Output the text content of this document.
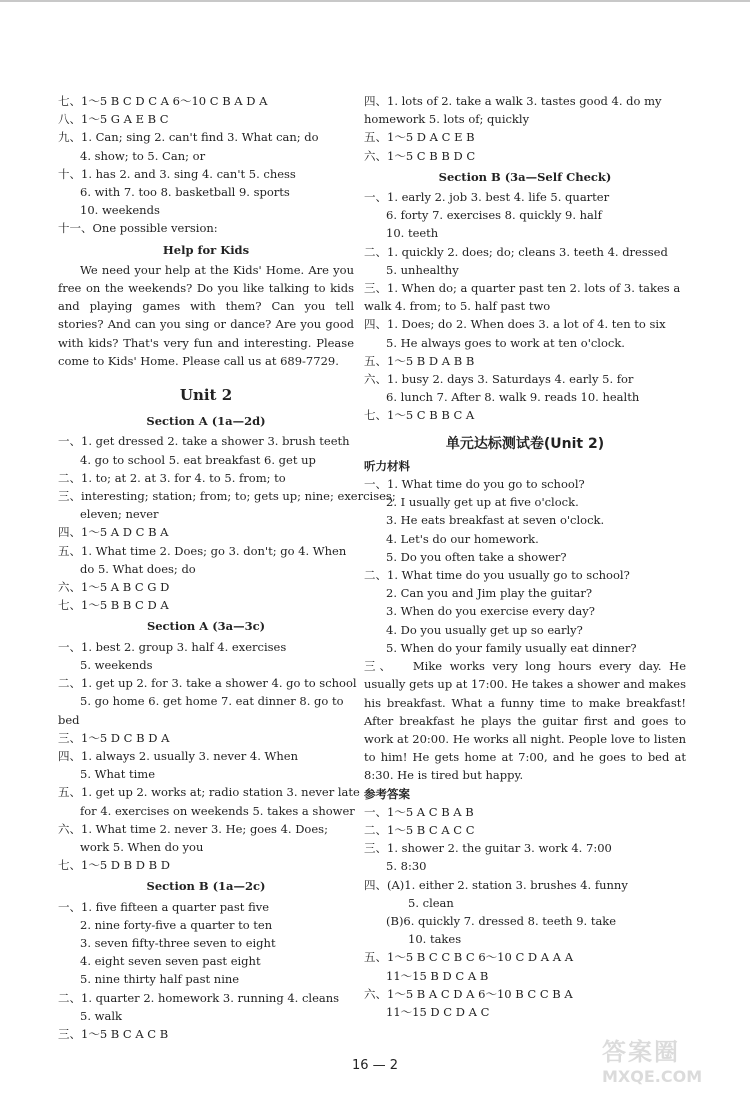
七、1～5 B C D C A 6～10 C B A D A
八、1～5 G A E B C
九、1. Can; sing 2. can't find 3. What can; do
4. show; to 5. Can; or
十、1. has 2. and 3. sing 4. can't 5. chess
6. with 7. too 8. basketball 9. sports
10. weekends
十一、One possible version:
Help for Kids
We need your help at the Kids' Home. Are you free on the weekends? Do you like talking to kids and playing games with them? Can you tell stories? And can you sing or dance? Are you good with kids? That's very fun and interesting. Please come to Kids' Home. Please call us at 689-7729.
Unit 2
Section A (1a—2d)
一、1. get dressed 2. take a shower 3. brush teeth
4. go to school 5. eat breakfast 6. get up
二、1. to; at 2. at 3. for 4. to 5. from; to
三、interesting; station; from; to; gets up; nine; exercises;
eleven; never
四、1～5 A D C B A
五、1. What time 2. Does; go 3. don't; go 4. When
do 5. What does; do
六、1～5 A B C G D
七、1～5 B B C D A
Section A (3a—3c)
一、1. best 2. group 3. half 4. exercises
5. weekends
二、1. get up 2. for 3. take a shower 4. go to school
5. go home 6. get home 7. eat dinner 8. go to
bed
三、1～5 D C B D A
四、1. always 2. usually 3. never 4. When
5. What time
五、1. get up 2. works at; radio station 3. never late
for 4. exercises on weekends 5. takes a shower
六、1. What time 2. never 3. He; goes 4. Does;
work 5. When do you
七、1～5 D B D B D
Section B (1a—2c)
一、1. five fifteen a quarter past five
2. nine forty-five a quarter to ten
3. seven fifty-three seven to eight
4. eight seven seven past eight
5. nine thirty half past nine
二、1. quarter 2. homework 3. running 4. cleans
5. walk
三、1～5 B C A C B
四、1. lots of 2. take a walk 3. tastes good 4. do my
homework 5. lots of; quickly
五、1～5 D A C E B
六、1～5 C B B D C
Section B (3a—Self Check)
一、1. early 2. job 3. best 4. life 5. quarter
6. forty 7. exercises 8. quickly 9. half
10. teeth
二、1. quickly 2. does; do; cleans 3. teeth 4. dressed
5. unhealthy
三、1. When do; a quarter past ten 2. lots of 3. takes a
walk 4. from; to 5. half past two
四、1. Does; do 2. When does 3. a lot of 4. ten to six
5. He always goes to work at ten o'clock.
五、1～5 B D A B B
六、1. busy 2. days 3. Saturdays 4. early 5. for
6. lunch 7. After 8. walk 9. reads 10. health
七、1～5 C B B C A
单元达标测试卷(Unit 2)
听力材料
一、1. What time do you go to school?
2. I usually get up at five o'clock.
3. He eats breakfast at seven o'clock.
4. Let's do our homework.
5. Do you often take a shower?
二、1. What time do you usually go to school?
2. Can you and Jim play the guitar?
3. When do you exercise every day?
4. Do you usually get up so early?
5. When do your family usually eat dinner?
三、 Mike works very long hours every day. He usually gets up at 17:00. He takes a shower and makes his breakfast. What a funny time to make breakfast! After breakfast he plays the guitar first and goes to work at 20:00. He works all night. People love to listen to him! He gets home at 7:00, and he goes to bed at 8:30. He is tired but happy.
参考答案
一、1～5 A C B A B
二、1～5 B C A C C
三、1. shower 2. the guitar 3. work 4. 7:00
5. 8:30
四、(A)1. either 2. station 3. brushes 4. funny
5. clean
(B)6. quickly 7. dressed 8. teeth 9. take
10. takes
五、1～5 B C C B C 6～10 C D A A A
11～15 B D C A B
六、1～5 B A C D A 6～10 B C C B A
11～15 D C D A C
16 — 2	答案圈
MXQE.COM
